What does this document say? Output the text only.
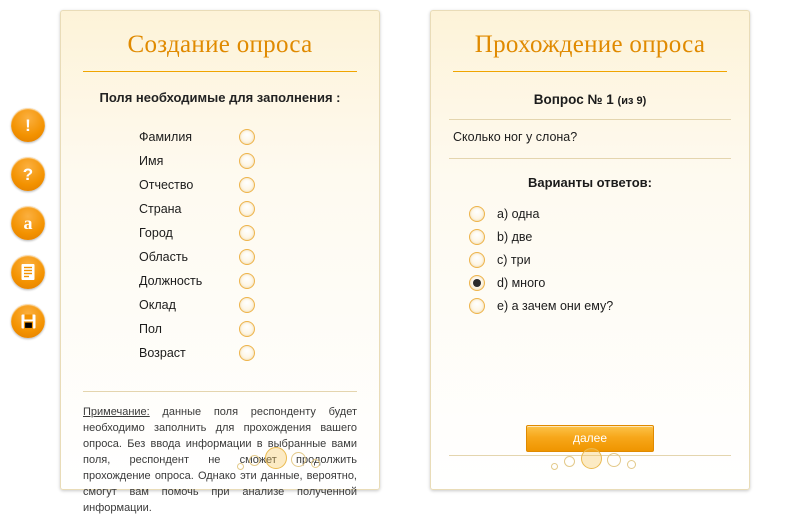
!
?
a
Создание опроса
Поля необходимые для заполнения :
Фамилия
Имя
Отчество
Страна
Город
Область
Должность
Оклад
Пол
Возраст
Примечание: данные поля респонденту будет необходимо заполнить для прохождения вашего опроса. Без ввода информации в выбранные вами поля, респондент не сможет продолжить прохождение опроса. Однако эти данные, вероятно, смогут вам помочь при анализе полученной информации.
Прохождение опроса
Вопрос № 1 (из 9)
Сколько ног у слона?
Варианты ответов:
a) одна
b) две
c) три
d) много
e) а зачем они ему?
далее
